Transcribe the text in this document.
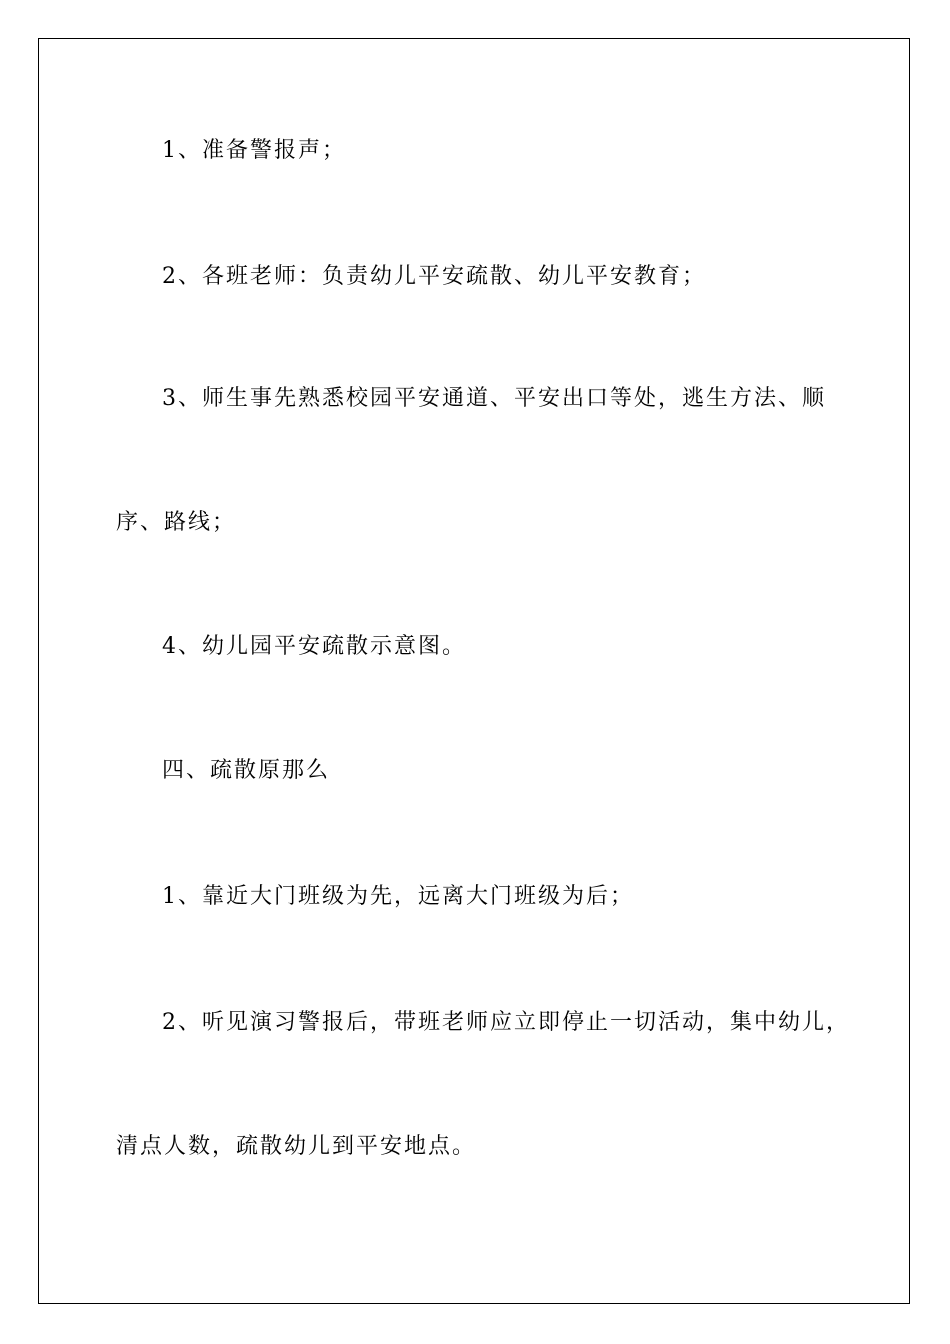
1、准备警报声；
2、各班老师：负责幼儿平安疏散、幼儿平安教育；
3、师生事先熟悉校园平安通道、平安出口等处，逃生方法、顺
序、路线；
4、幼儿园平安疏散示意图。
四、疏散原那么
1、靠近大门班级为先，远离大门班级为后；
2、听见演习警报后，带班老师应立即停止一切活动，集中幼儿，
清点人数，疏散幼儿到平安地点。
